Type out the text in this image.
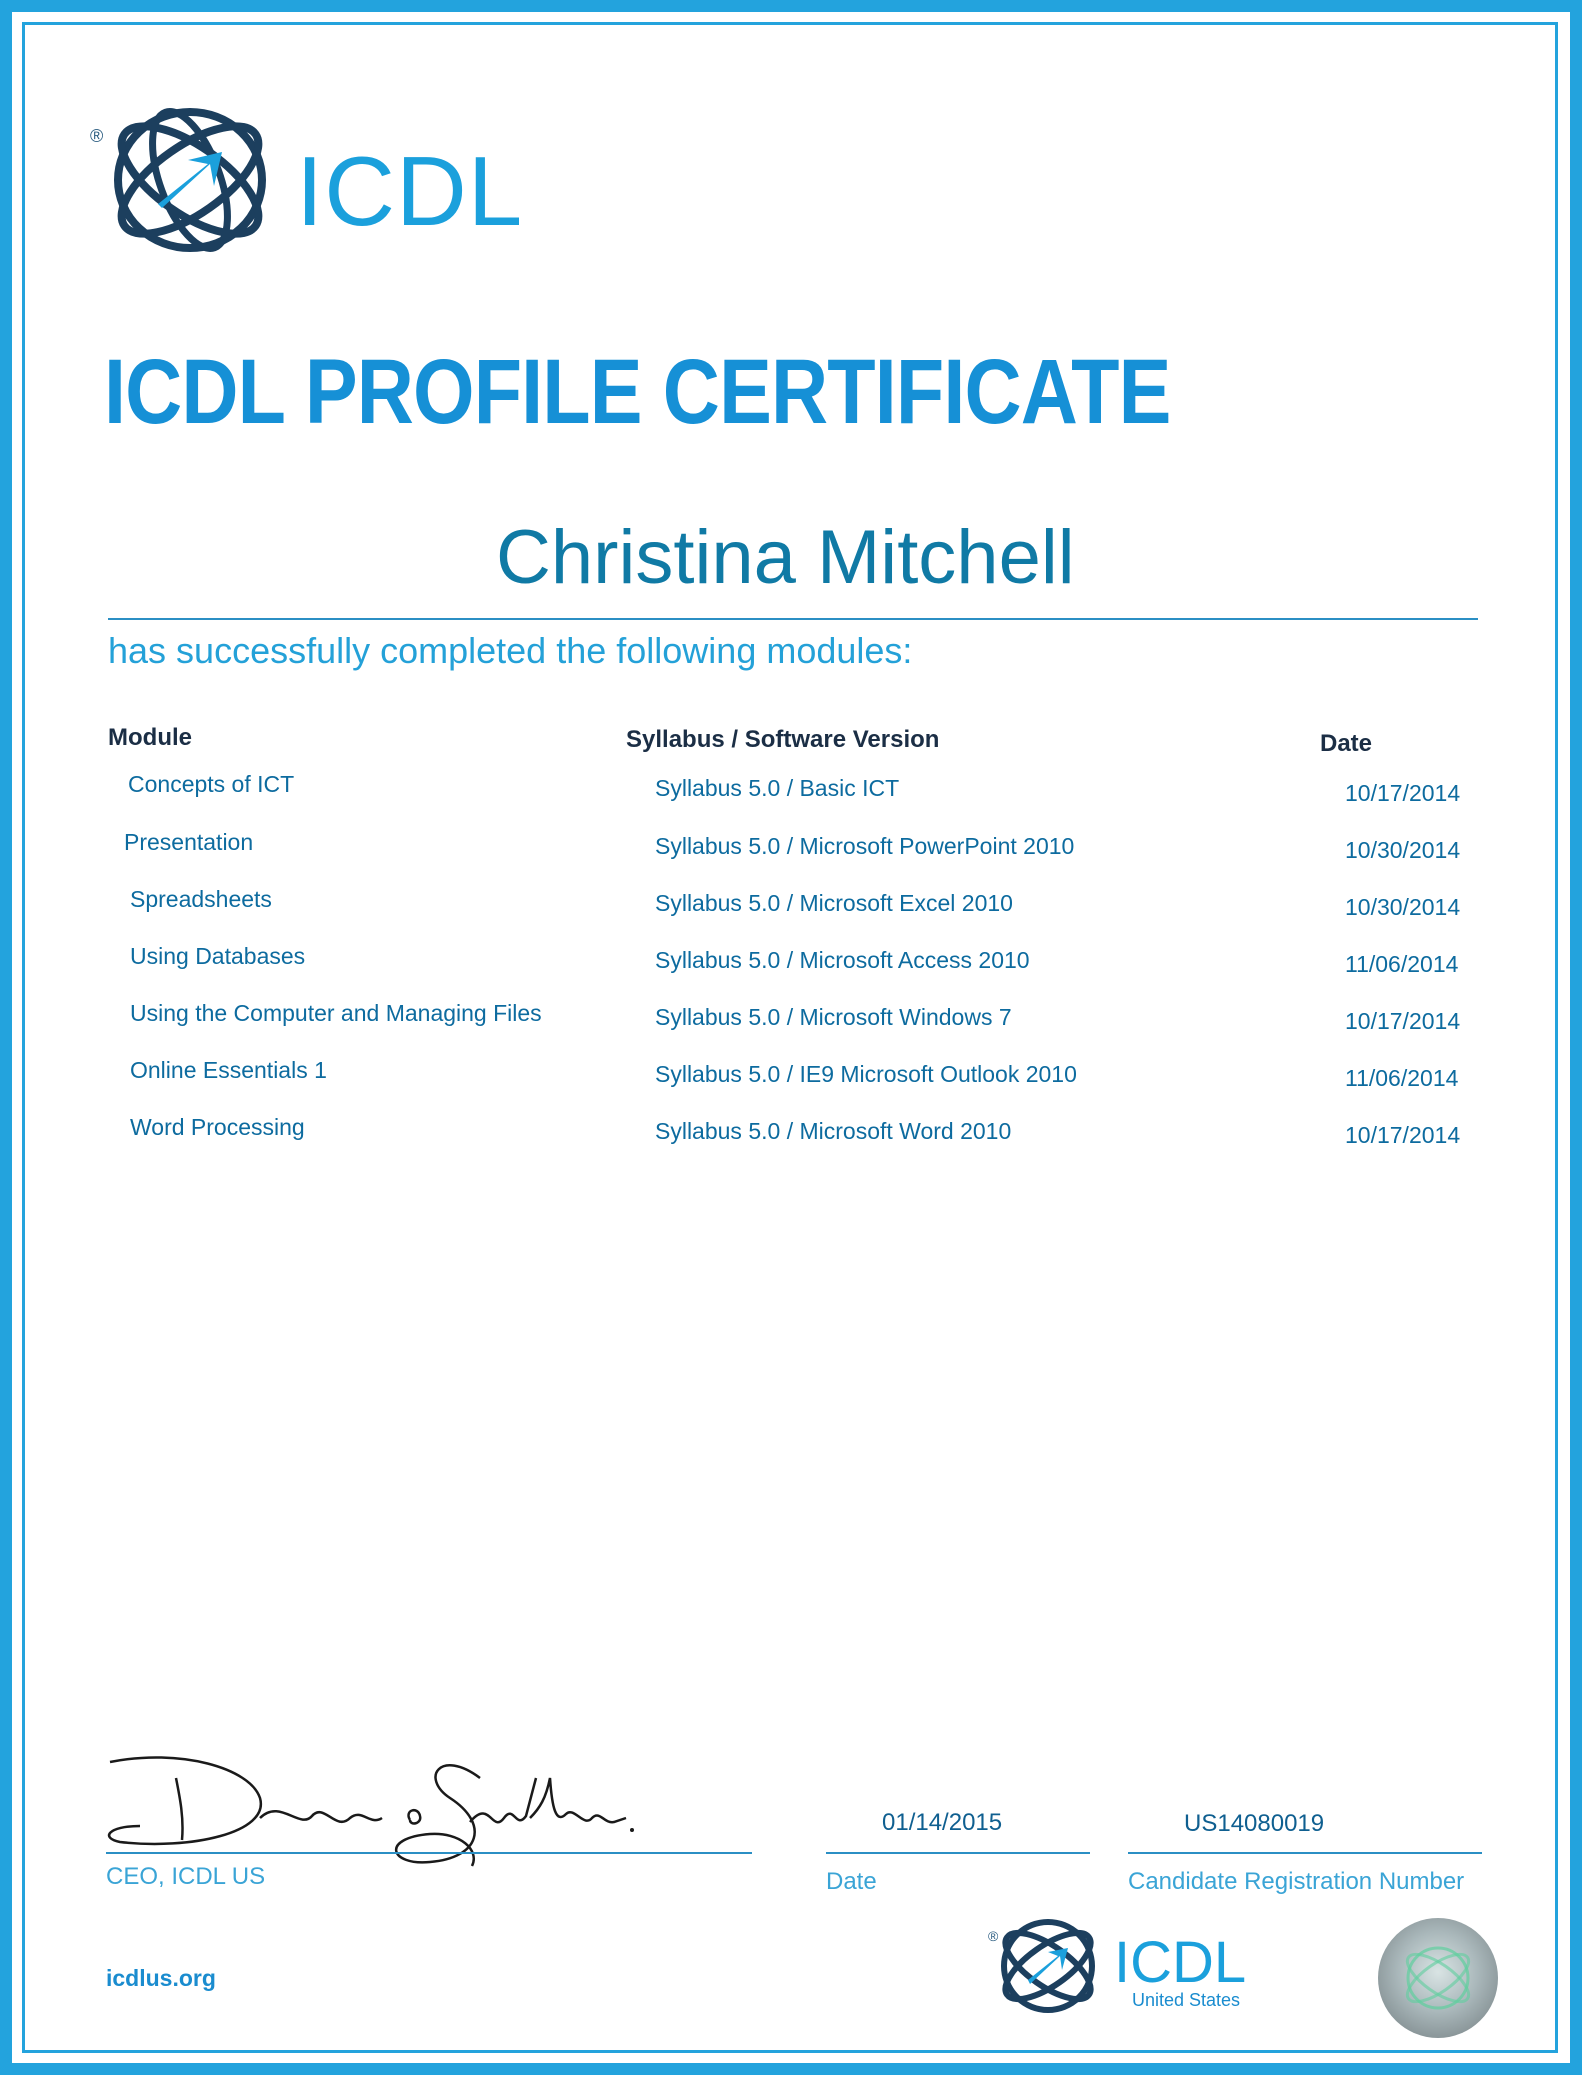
® ICDL
ICDL PROFILE CERTIFICATE
Christina Mitchell
has successfully completed the following modules:
Module	Syllabus / Software Version	Date
Concepts of ICT	Syllabus 5.0 / Basic ICT	10/17/2014
Presentation	Syllabus 5.0 / Microsoft PowerPoint 2010	10/30/2014
Spreadsheets	Syllabus 5.0 / Microsoft Excel 2010	10/30/2014
Using Databases	Syllabus 5.0 / Microsoft Access 2010	11/06/2014
Using the Computer and Managing Files	Syllabus 5.0 / Microsoft Windows 7	10/17/2014
Online Essentials 1	Syllabus 5.0 / IE9 Microsoft Outlook 2010	11/06/2014
Word Processing	Syllabus 5.0 / Microsoft Word 2010	10/17/2014
CEO, ICDL US
01/14/2015
Date
US14080019
Candidate Registration Number
icdlus.org
® ICDL
United States
